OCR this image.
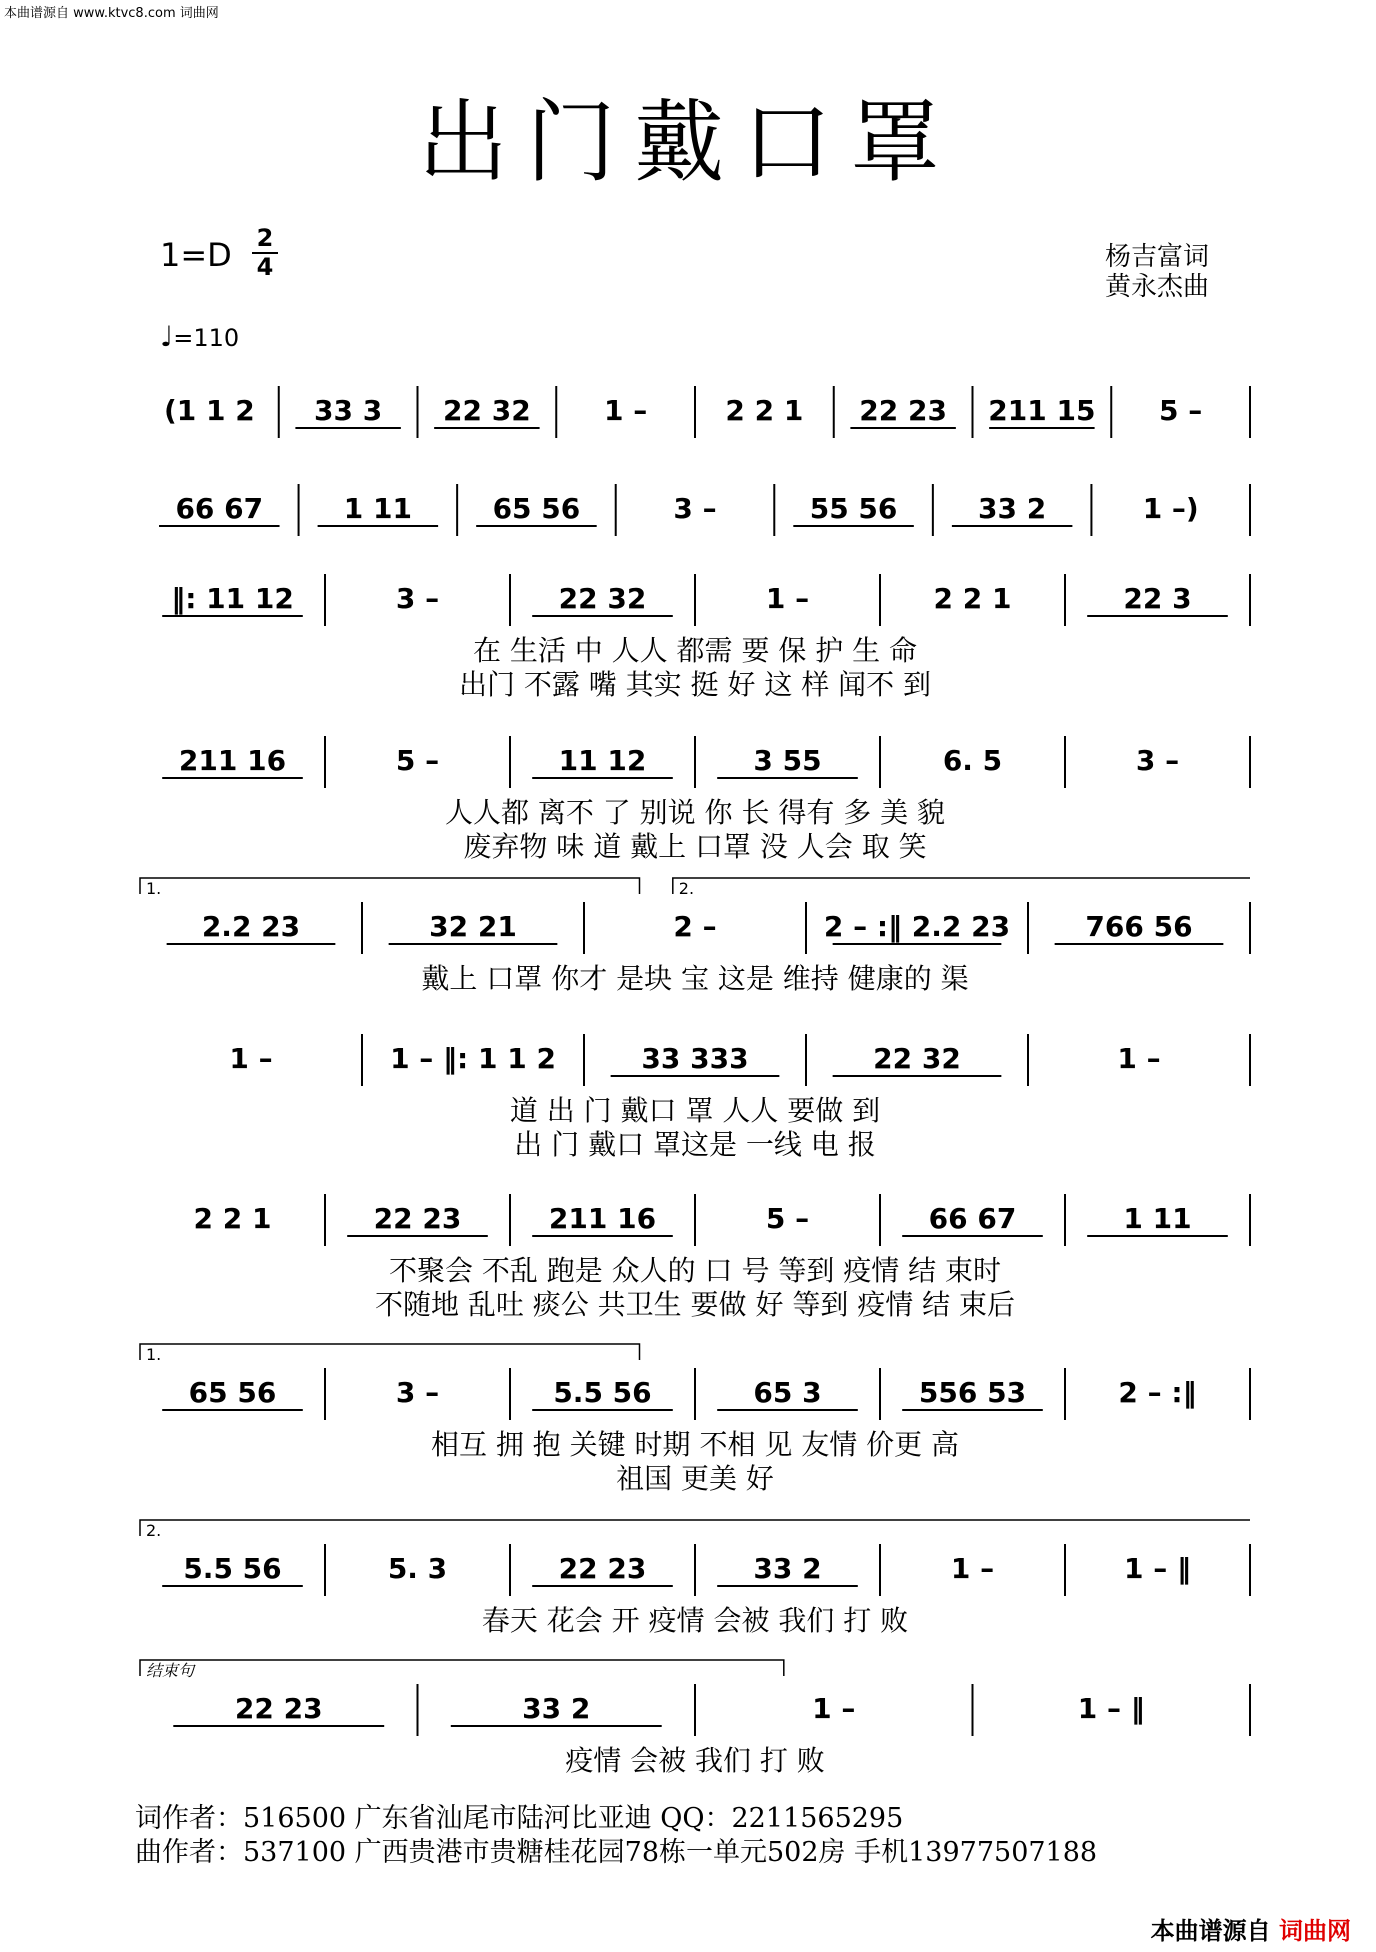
本曲谱源自 www.ktvc8.com 词曲网
出门戴口罩
1=D 2
4	杨吉富词
黄永杰曲
♩=110
(1 1 2 33 3 22 32	1 –	2 2 1 22 23 211 15 5 –
66 67	1 11	65 56	3 –	55 56	33 2	1 –)
‖: 11 12	3 –	22 32	1 –	2 2 1	22 3
在 生活 中 人人 都需 要 保 护 生 命
出门 不露 嘴 其实 挺 好 这 样 闻不 到
211 16	5 –	11 12	3 55	6. 5	3 –
人人都 离不 了 别说 你 长 得有 多 美 貌
废弃物 味 道 戴上 口罩 没 人会 取 笑
2.2 23	32 21	2 –	2 – :‖ 2.2 23	766 56
戴上 口罩 你才 是块 宝 这是 维持 健康的 渠
1.	2.
1 –	1 – ‖: 1 1 2	33 333	22 32	1 –
道 出 门 戴口 罩 人人 要做 到
出 门 戴口 罩这是 一线 电 报
2 2 1	22 23	211 16	5 –	66 67	1 11
不聚会 不乱 跑是 众人的 口 号 等到 疫情 结 束时
不随地 乱吐 痰公 共卫生 要做 好 等到 疫情 结 束后
65 56	3 –	5.5 56	65 3	556 53	2 – :‖
相互 拥 抱 关键 时期 不相 见 友情 价更 高
祖国 更美 好
1.
5.5 56	5. 3	22 23	33 2	1 –	1 – ‖
春天 花会 开 疫情 会被 我们 打 败
2.
22 23	33 2	1 –	1 – ‖
疫情 会被 我们 打 败
结束句
词作者：516500 广东省汕尾市陆河比亚迪 QQ：2211565295
曲作者：537100 广西贵港市贵糖桂花园78栋一单元502房 手机13977507188
本曲谱源自 词曲网
